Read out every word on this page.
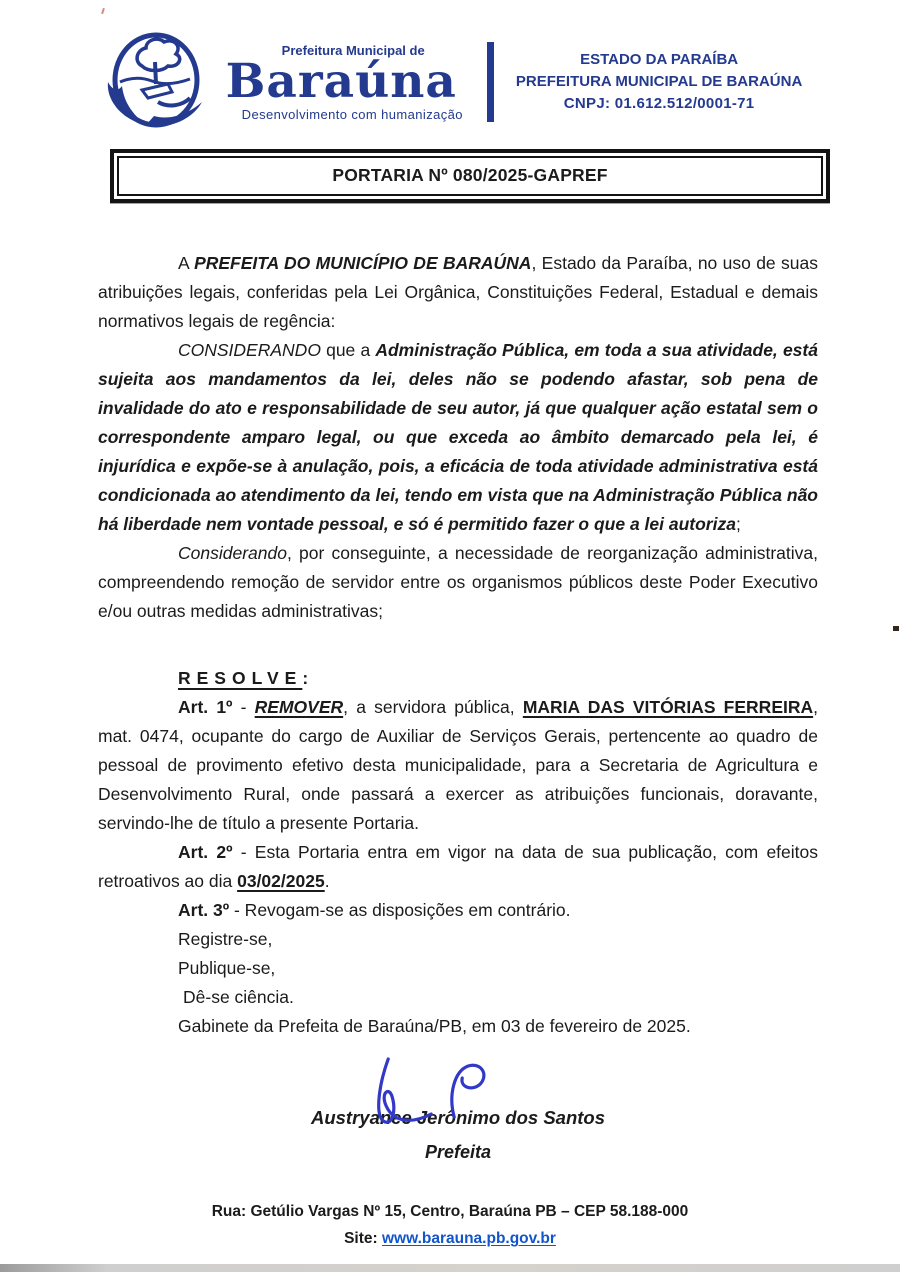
Prefeitura Municipal de
Baraúna
Desenvolvimento com humanização
ESTADO DA PARAÍBA
PREFEITURA MUNICIPAL DE BARAÚNA
CNPJ: 01.612.512/0001-71
PORTARIA Nº 080/2025-GAPREF

A PREFEITA DO MUNICÍPIO DE BARAÚNA, Estado da Paraíba, no uso de suas atribuições legais, conferidas pela Lei Orgânica, Constituições Federal, Estadual e demais normativos legais de regência:

CONSIDERANDO que a Administração Pública, em toda a sua atividade, está sujeita aos mandamentos da lei, deles não se podendo afastar, sob pena de invalidade do ato e responsabilidade de seu autor, já que qualquer ação estatal sem o correspondente amparo legal, ou que exceda ao âmbito demarcado pela lei, é injurídica e expõe-se à anulação, pois, a eficácia de toda atividade administrativa está condicionada ao atendimento da lei, tendo em vista que na Administração Pública não há liberdade nem vontade pessoal, e só é permitido fazer o que a lei autoriza;

Considerando, por conseguinte, a necessidade de reorganização administrativa, compreendendo remoção de servidor entre os organismos públicos deste Poder Executivo e/ou outras medidas administrativas;

RESOLVE:

Art. 1º - REMOVER, a servidora pública, MARIA DAS VITÓRIAS FERREIRA, mat. 0474, ocupante do cargo de Auxiliar de Serviços Gerais, pertencente ao quadro de pessoal de provimento efetivo desta municipalidade, para a Secretaria de Agricultura e Desenvolvimento Rural, onde passará a exercer as atribuições funcionais, doravante, servindo-lhe de título a presente Portaria.

Art. 2º - Esta Portaria entra em vigor na data de sua publicação, com efeitos retroativos ao dia 03/02/2025.

Art. 3º - Revogam-se as disposições em contrário.

Registre-se,
Publique-se,
Dê-se ciência.

Gabinete da Prefeita de Baraúna/PB, em 03 de fevereiro de 2025.

Austryanee Jerônimo dos Santos
Prefeita
Rua: Getúlio Vargas Nº 15, Centro, Baraúna PB – CEP 58.188-000
Site: www.barauna.pb.gov.br
